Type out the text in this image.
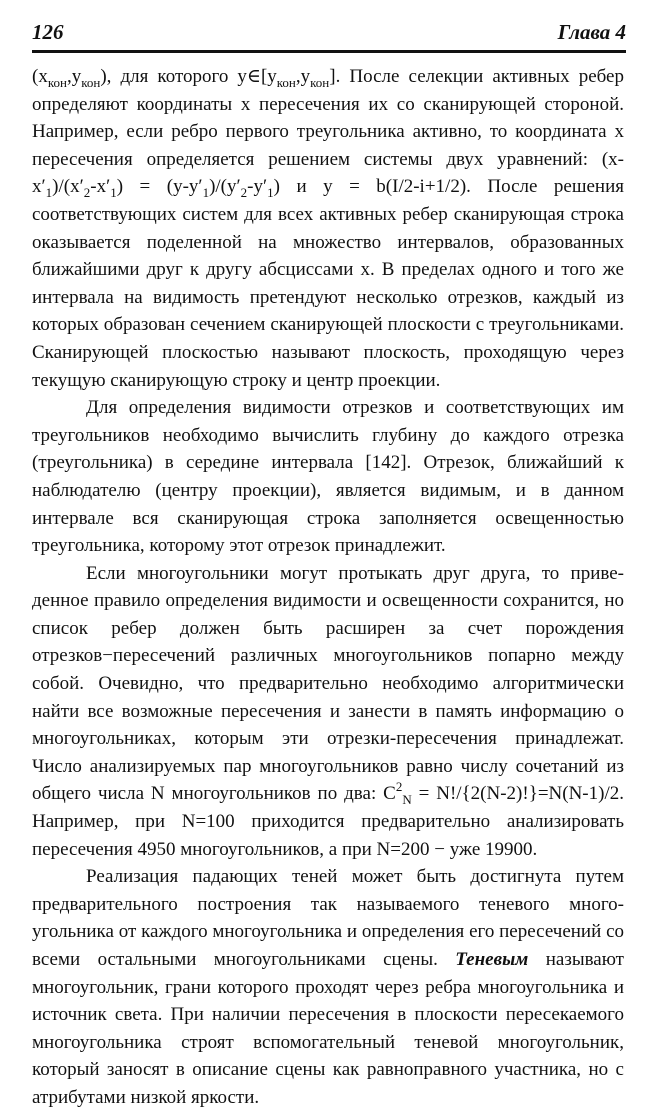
126	Глава 4

$(x_{кон},y_{кон})$, для которого $y\in[y_{кон},y_{кон}]$. После селекции активных ребер определяют координаты x пересечения их со сканирующей стороной. Например, если ребро первого треугольника активно, то координата x пересечения определяется решением системы двух уравнений: $(x-x'_1)/(x'_2-x'_1) = (y-y'_1)/(y'_2-y'_1)$ и y = b(I/2-i+1/2). После решения соответствующих систем для всех активных ребер сканирующая строка оказывается поделенной на множество интервалов, образованных ближайшими друг к другу абсциссами x. В пределах одного и того же интервала на видимость претендуют несколько отрезков, каждый из которых образован сечением сканирующей плоскости с треугольниками. Сканирующей плоскостью называют плоскость, проходящую через текущую сканирующую строку и центр проекции.

Для определения видимости отрезков и соответствующих им треугольников необходимо вычислить глубину до каждого отрезка (треугольника) в середине интервала [142]. Отрезок, ближайший к наблюдателю (центру проекции), является видимым, и в данном интервале вся сканирующая строка заполняется освещенностью треугольника, которому этот отрезок принадлежит.

Если многоугольники могут протыкать друг друга, то приведенное правило определения видимости и освещенности сохранится, но список ребер должен быть расширен за счет порождения отрезков−пересечений различных многоугольников попарно между собой. Очевидно, что предварительно необходимо алгоритмически найти все возможные пересечения и занести в память информацию о многоугольниках, которым эти отрезки-пересечения принадлежат. Число анализируемых пар многоугольников равно числу сочетаний из общего числа N многоугольников по два: $C^2_N = N!/\{2(N-2)!\}=N(N-1)/2$. Например, при N=100 приходится предварительно анализировать пересечения 4950 многоугольников, а при N=200 − уже 19900.

Реализация падающих теней может быть достигнута путем предварительного построения так называемого теневого многоугольника от каждого многоугольника и определения его пересечений со всеми остальными многоугольниками сцены. Теневым называют многоугольник, грани которого проходят через ребра многоугольника и источник света. При наличии пересечения в плоскости пересекаемого многоугольника строят вспомогательный теневой многоугольник, который заносят в описание сцены как равноправного участника, но с атрибутами низкой яркости.
